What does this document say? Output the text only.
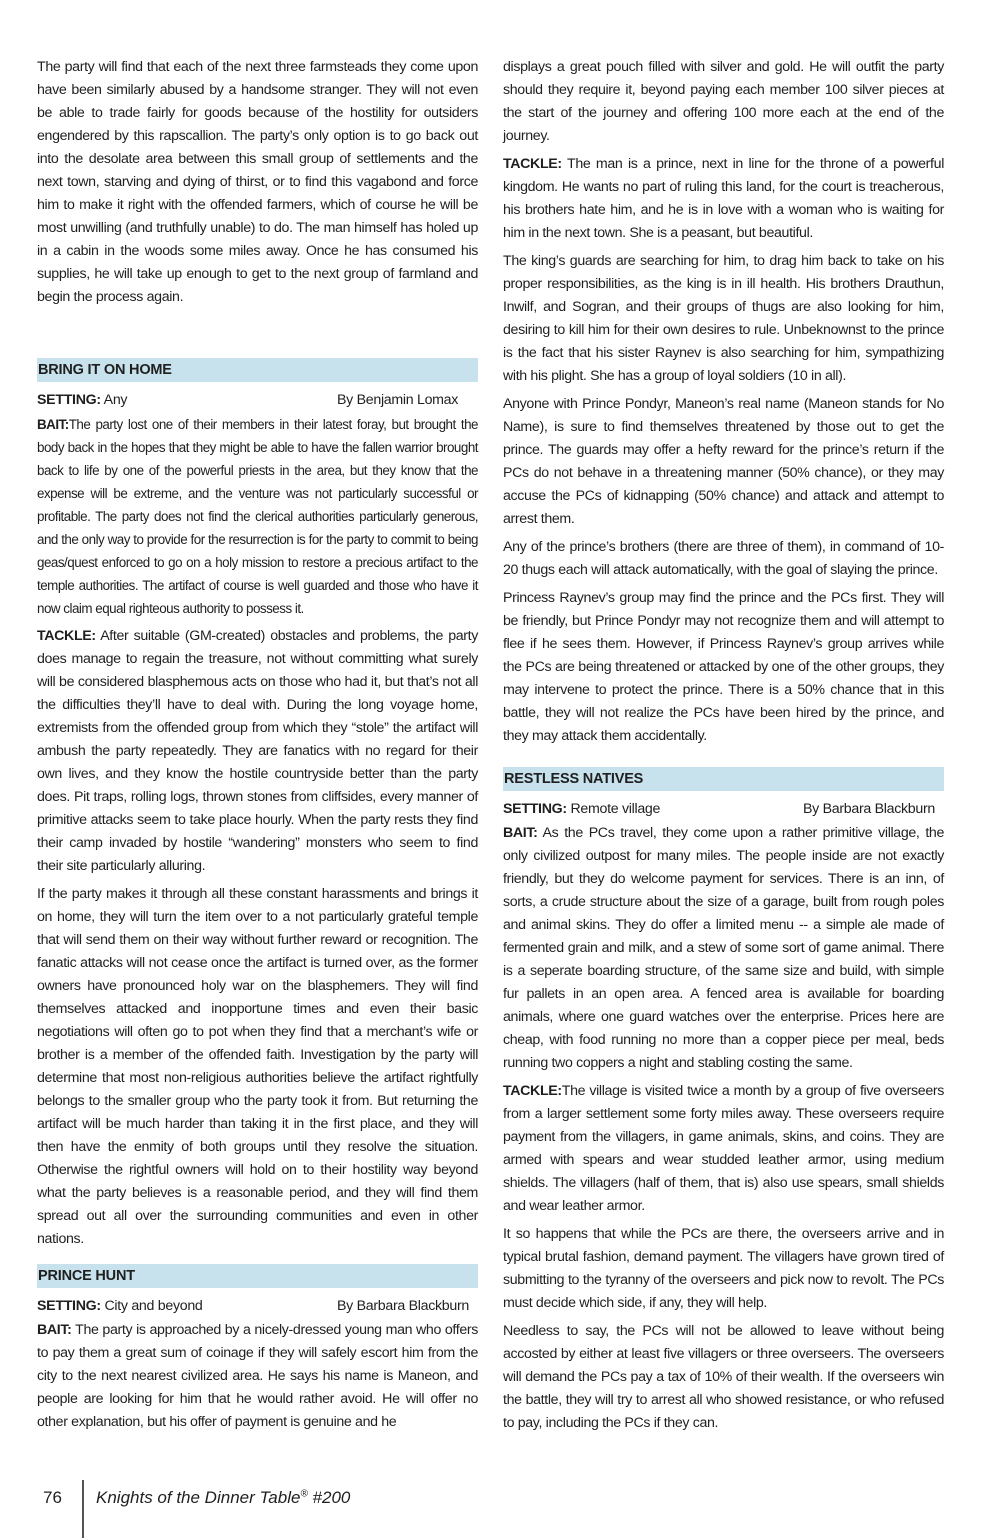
The party will find that each of the next three farmsteads they come upon have been similarly abused by a handsome stranger. They will not even be able to trade fairly for goods because of the hostility for outsiders engendered by this rapscallion. The party’s only option is to go back out into the desolate area between this small group of settlements and the next town, starving and dying of thirst, or to find this vagabond and force him to make it right with the offended farmers, which of course he will be most unwilling (and truthfully unable) to do. The man himself has holed up in a cabin in the woods some miles away. Once he has consumed his supplies, he will take up enough to get to the next group of farmland and begin the process again.

BRING IT ON HOME
SETTING: Any	By Benjamin Lomax

BAIT:The party lost one of their members in their latest foray, but brought the body back in the hopes that they might be able to have the fallen warrior brought back to life by one of the powerful priests in the area, but they know that the expense will be extreme, and the venture was not particularly successful or profitable. The party does not find the clerical authorities particularly generous, and the only way to provide for the resurrection is for the party to commit to being geas/quest enforced to go on a holy mission to restore a precious artifact to the temple authorities. The artifact of course is well guarded and those who have it now claim equal righteous authority to possess it.

TACKLE: After suitable (GM-created) obstacles and problems, the party does manage to regain the treasure, not without committing what surely will be considered blasphemous acts on those who had it, but that’s not all the difficulties they’ll have to deal with. During the long voyage home, extremists from the offended group from which they “stole” the artifact will ambush the party repeatedly. They are fanatics with no regard for their own lives, and they know the hostile countryside better than the party does. Pit traps, rolling logs, thrown stones from cliffsides, every manner of primitive attacks seem to take place hourly. When the party rests they find their camp invaded by hostile “wandering” monsters who seem to find their site particularly alluring.

If the party makes it through all these constant harassments and brings it on home, they will turn the item over to a not particularly grateful temple that will send them on their way without further reward or recognition. The fanatic attacks will not cease once the artifact is turned over, as the former owners have pronounced holy war on the blasphemers. They will find themselves attacked and inopportune times and even their basic negotiations will often go to pot when they find that a merchant’s wife or brother is a member of the offended faith. Investigation by the party will determine that most non-religious authorities believe the artifact rightfully belongs to the smaller group who the party took it from. But returning the artifact will be much harder than taking it in the first place, and they will then have the enmity of both groups until they resolve the situation. Otherwise the rightful owners will hold on to their hostility way beyond what the party believes is a reasonable period, and they will find them spread out all over the surrounding communities and even in other nations.

PRINCE HUNT
SETTING: City and beyond	By Barbara Blackburn

BAIT: The party is approached by a nicely-dressed young man who offers to pay them a great sum of coinage if they will safely escort him from the city to the next nearest civilized area. He says his name is Maneon, and people are looking for him that he would rather avoid. He will offer no other explanation, but his offer of payment is genuine and he

displays a great pouch filled with silver and gold. He will outfit the party should they require it, beyond paying each member 100 silver pieces at the start of the journey and offering 100 more each at the end of the journey.

TACKLE: The man is a prince, next in line for the throne of a powerful kingdom. He wants no part of ruling this land, for the court is treacherous, his brothers hate him, and he is in love with a woman who is waiting for him in the next town. She is a peasant, but beautiful.

The king’s guards are searching for him, to drag him back to take on his proper responsibilities, as the king is in ill health. His brothers Drauthun, Inwilf, and Sogran, and their groups of thugs are also looking for him, desiring to kill him for their own desires to rule. Unbeknownst to the prince is the fact that his sister Raynev is also searching for him, sympathizing with his plight. She has a group of loyal soldiers (10 in all).

Anyone with Prince Pondyr, Maneon’s real name (Maneon stands for No Name), is sure to find themselves threatened by those out to get the prince. The guards may offer a hefty reward for the prince’s return if the PCs do not behave in a threatening manner (50% chance), or they may accuse the PCs of kidnapping (50% chance) and attack and attempt to arrest them.

Any of the prince’s brothers (there are three of them), in command of 10-20 thugs each will attack automatically, with the goal of slaying the prince.

Princess Raynev’s group may find the prince and the PCs first. They will be friendly, but Prince Pondyr may not recognize them and will attempt to flee if he sees them. However, if Princess Raynev’s group arrives while the PCs are being threatened or attacked by one of the other groups, they may intervene to protect the prince. There is a 50% chance that in this battle, they will not realize the PCs have been hired by the prince, and they may attack them accidentally.

RESTLESS NATIVES
SETTING: Remote village	By Barbara Blackburn

BAIT: As the PCs travel, they come upon a rather primitive village, the only civilized outpost for many miles. The people inside are not exactly friendly, but they do welcome payment for services. There is an inn, of sorts, a crude structure about the size of a garage, built from rough poles and animal skins. They do offer a limited menu -- a simple ale made of fermented grain and milk, and a stew of some sort of game animal. There is a seperate boarding structure, of the same size and build, with simple fur pallets in an open area. A fenced area is available for boarding animals, where one guard watches over the enterprise. Prices here are cheap, with food running no more than a copper piece per meal, beds running two coppers a night and stabling costing the same.

TACKLE:The village is visited twice a month by a group of five overseers from a larger settlement some forty miles away. These overseers require payment from the villagers, in game animals, skins, and coins. They are armed with spears and wear studded leather armor, using medium shields. The villagers (half of them, that is) also use spears, small shields and wear leather armor.

It so happens that while the PCs are there, the overseers arrive and in typical brutal fashion, demand payment. The villagers have grown tired of submitting to the tyranny of the overseers and pick now to revolt. The PCs must decide which side, if any, they will help.

Needless to say, the PCs will not be allowed to leave without being accosted by either at least five villagers or three overseers. The overseers will demand the PCs pay a tax of 10% of their wealth. If the overseers win the battle, they will try to arrest all who showed resistance, or who refused to pay, including the PCs if they can.

76 Knights of the Dinner Table® #200
